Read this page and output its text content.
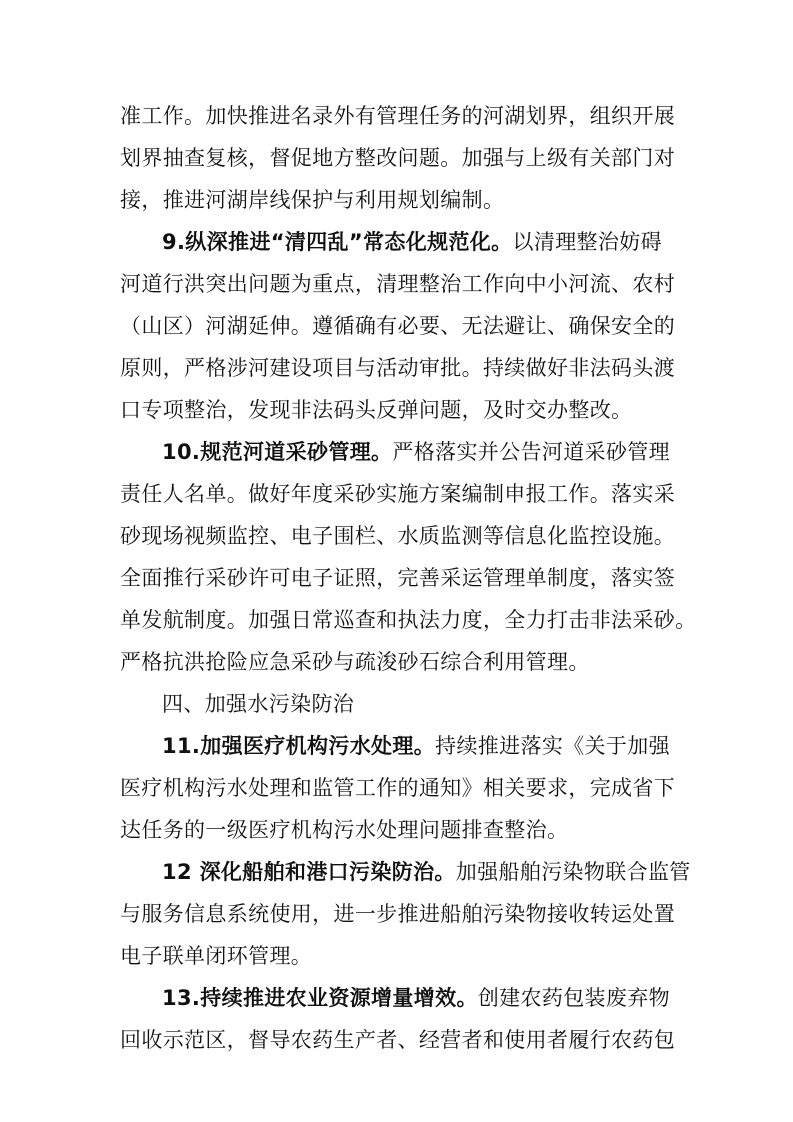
准工作。加快推进名录外有管理任务的河湖划界，组织开展
划界抽查复核，督促地方整改问题。加强与上级有关部门对
接，推进河湖岸线保护与利用规划编制。
9.纵深推进“清四乱”常态化规范化。以清理整治妨碍
河道行洪突出问题为重点，清理整治工作向中小河流、农村
（山区）河湖延伸。遵循确有必要、无法避让、确保安全的
原则，严格涉河建设项目与活动审批。持续做好非法码头渡
口专项整治，发现非法码头反弹问题，及时交办整改。
10.规范河道采砂管理。严格落实并公告河道采砂管理
责任人名单。做好年度采砂实施方案编制申报工作。落实采
砂现场视频监控、电子围栏、水质监测等信息化监控设施。
全面推行采砂许可电子证照，完善采运管理单制度，落实签
单发航制度。加强日常巡查和执法力度，全力打击非法采砂。
严格抗洪抢险应急采砂与疏浚砂石综合利用管理。
四、加强水污染防治
11.加强医疗机构污水处理。持续推进落实《关于加强
医疗机构污水处理和监管工作的通知》相关要求，完成省下
达任务的一级医疗机构污水处理问题排查整治。
12 深化船舶和港口污染防治。加强船舶污染物联合监管
与服务信息系统使用，进一步推进船舶污染物接收转运处置
电子联单闭环管理。
13.持续推进农业资源增量增效。创建农药包装废弃物
回收示范区，督导农药生产者、经营者和使用者履行农药包
